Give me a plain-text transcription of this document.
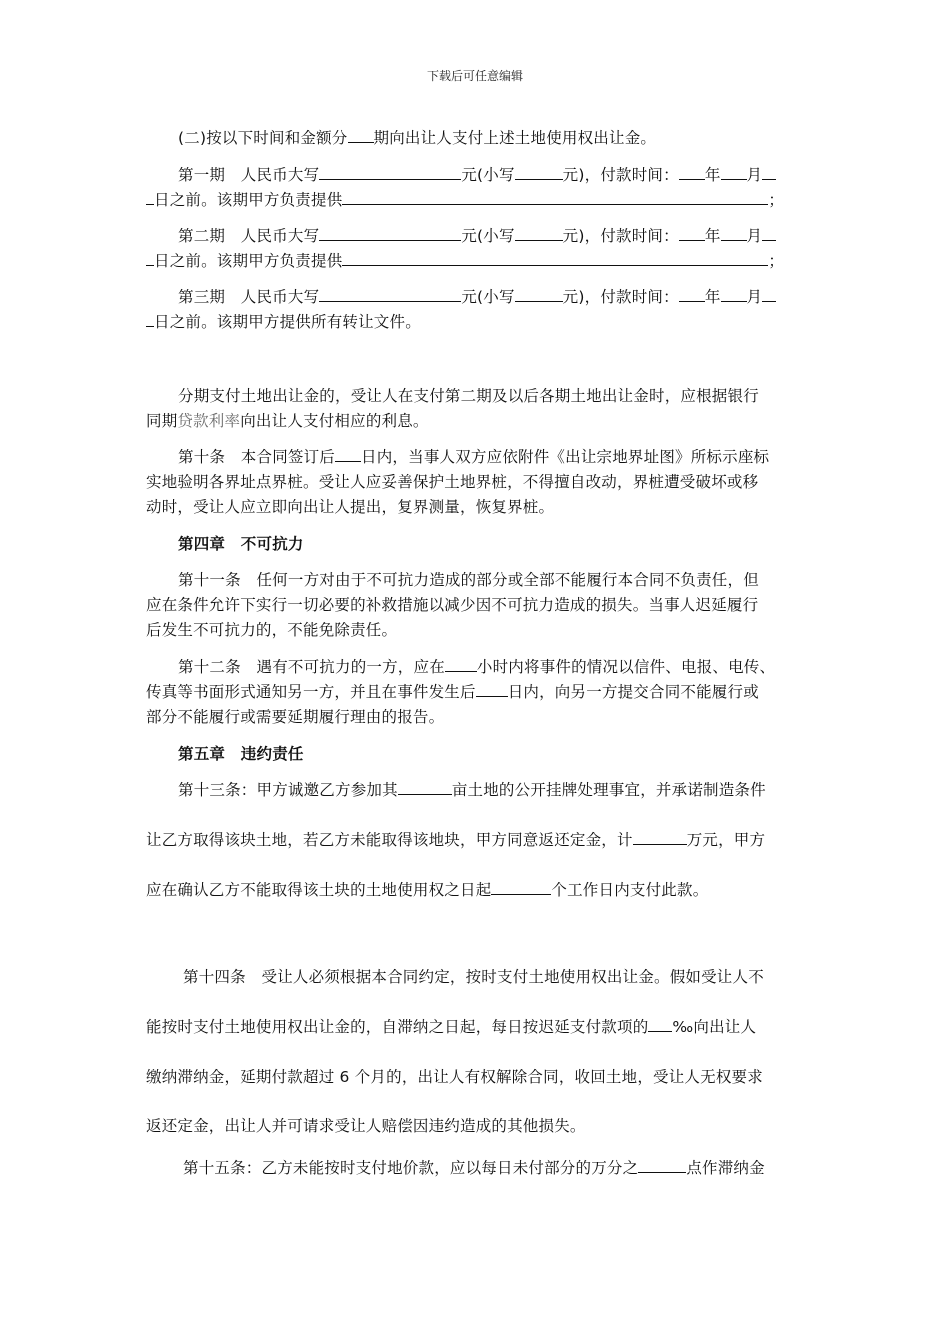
下载后可任意编辑
(二)按以下时间和金额分 期向出让人支付上述土地使用权出让金。
第一期　人民币大写	元(小写	元)，付款时间： 年 月
日之前。该期甲方负责提供	；
第二期　人民币大写	元(小写	元)，付款时间： 年 月
日之前。该期甲方负责提供	；
第三期　人民币大写	元(小写	元)，付款时间： 年 月
日之前。该期甲方提供所有转让文件。
分期支付土地出让金的，受让人在支付第二期及以后各期土地出让金时，应根据银行
同期贷款利率向出让人支付相应的利息。
第十条　本合同签订后 日内，当事人双方应依附件《出让宗地界址图》所标示座标
实地验明各界址点界桩。受让人应妥善保护土地界桩，不得擅自改动，界桩遭受破坏或移
动时，受让人应立即向出让人提出，复界测量，恢复界桩。
第四章　不可抗力
第十一条　任何一方对由于不可抗力造成的部分或全部不能履行本合同不负责任，但
应在条件允许下实行一切必要的补救措施以减少因不可抗力造成的损失。当事人迟延履行
后发生不可抗力的，不能免除责任。
第十二条　遇有不可抗力的一方，应在 小时内将事件的情况以信件、电报、电传、
传真等书面形式通知另一方，并且在事件发生后 日内，向另一方提交合同不能履行或
部分不能履行或需要延期履行理由的报告。
第五章　违约责任
第十三条：甲方诚邀乙方参加其	亩土地的公开挂牌处理事宜，并承诺制造条件
让乙方取得该块土地，若乙方未能取得该地块，甲方同意返还定金，计	万元，甲方
应在确认乙方不能取得该土块的土地使用权之日起	个工作日内支付此款。
第十四条　受让人必须根据本合同约定，按时支付土地使用权出让金。假如受让人不
能按时支付土地使用权出让金的，自滞纳之日起，每日按迟延支付款项的 ‰向出让人
缴纳滞纳金，延期付款超过 6 个月的，出让人有权解除合同，收回土地，受让人无权要求
返还定金，出让人并可请求受让人赔偿因违约造成的其他损失。
第十五条：乙方未能按时支付地价款，应以每日未付部分的万分之	点作滞纳金
